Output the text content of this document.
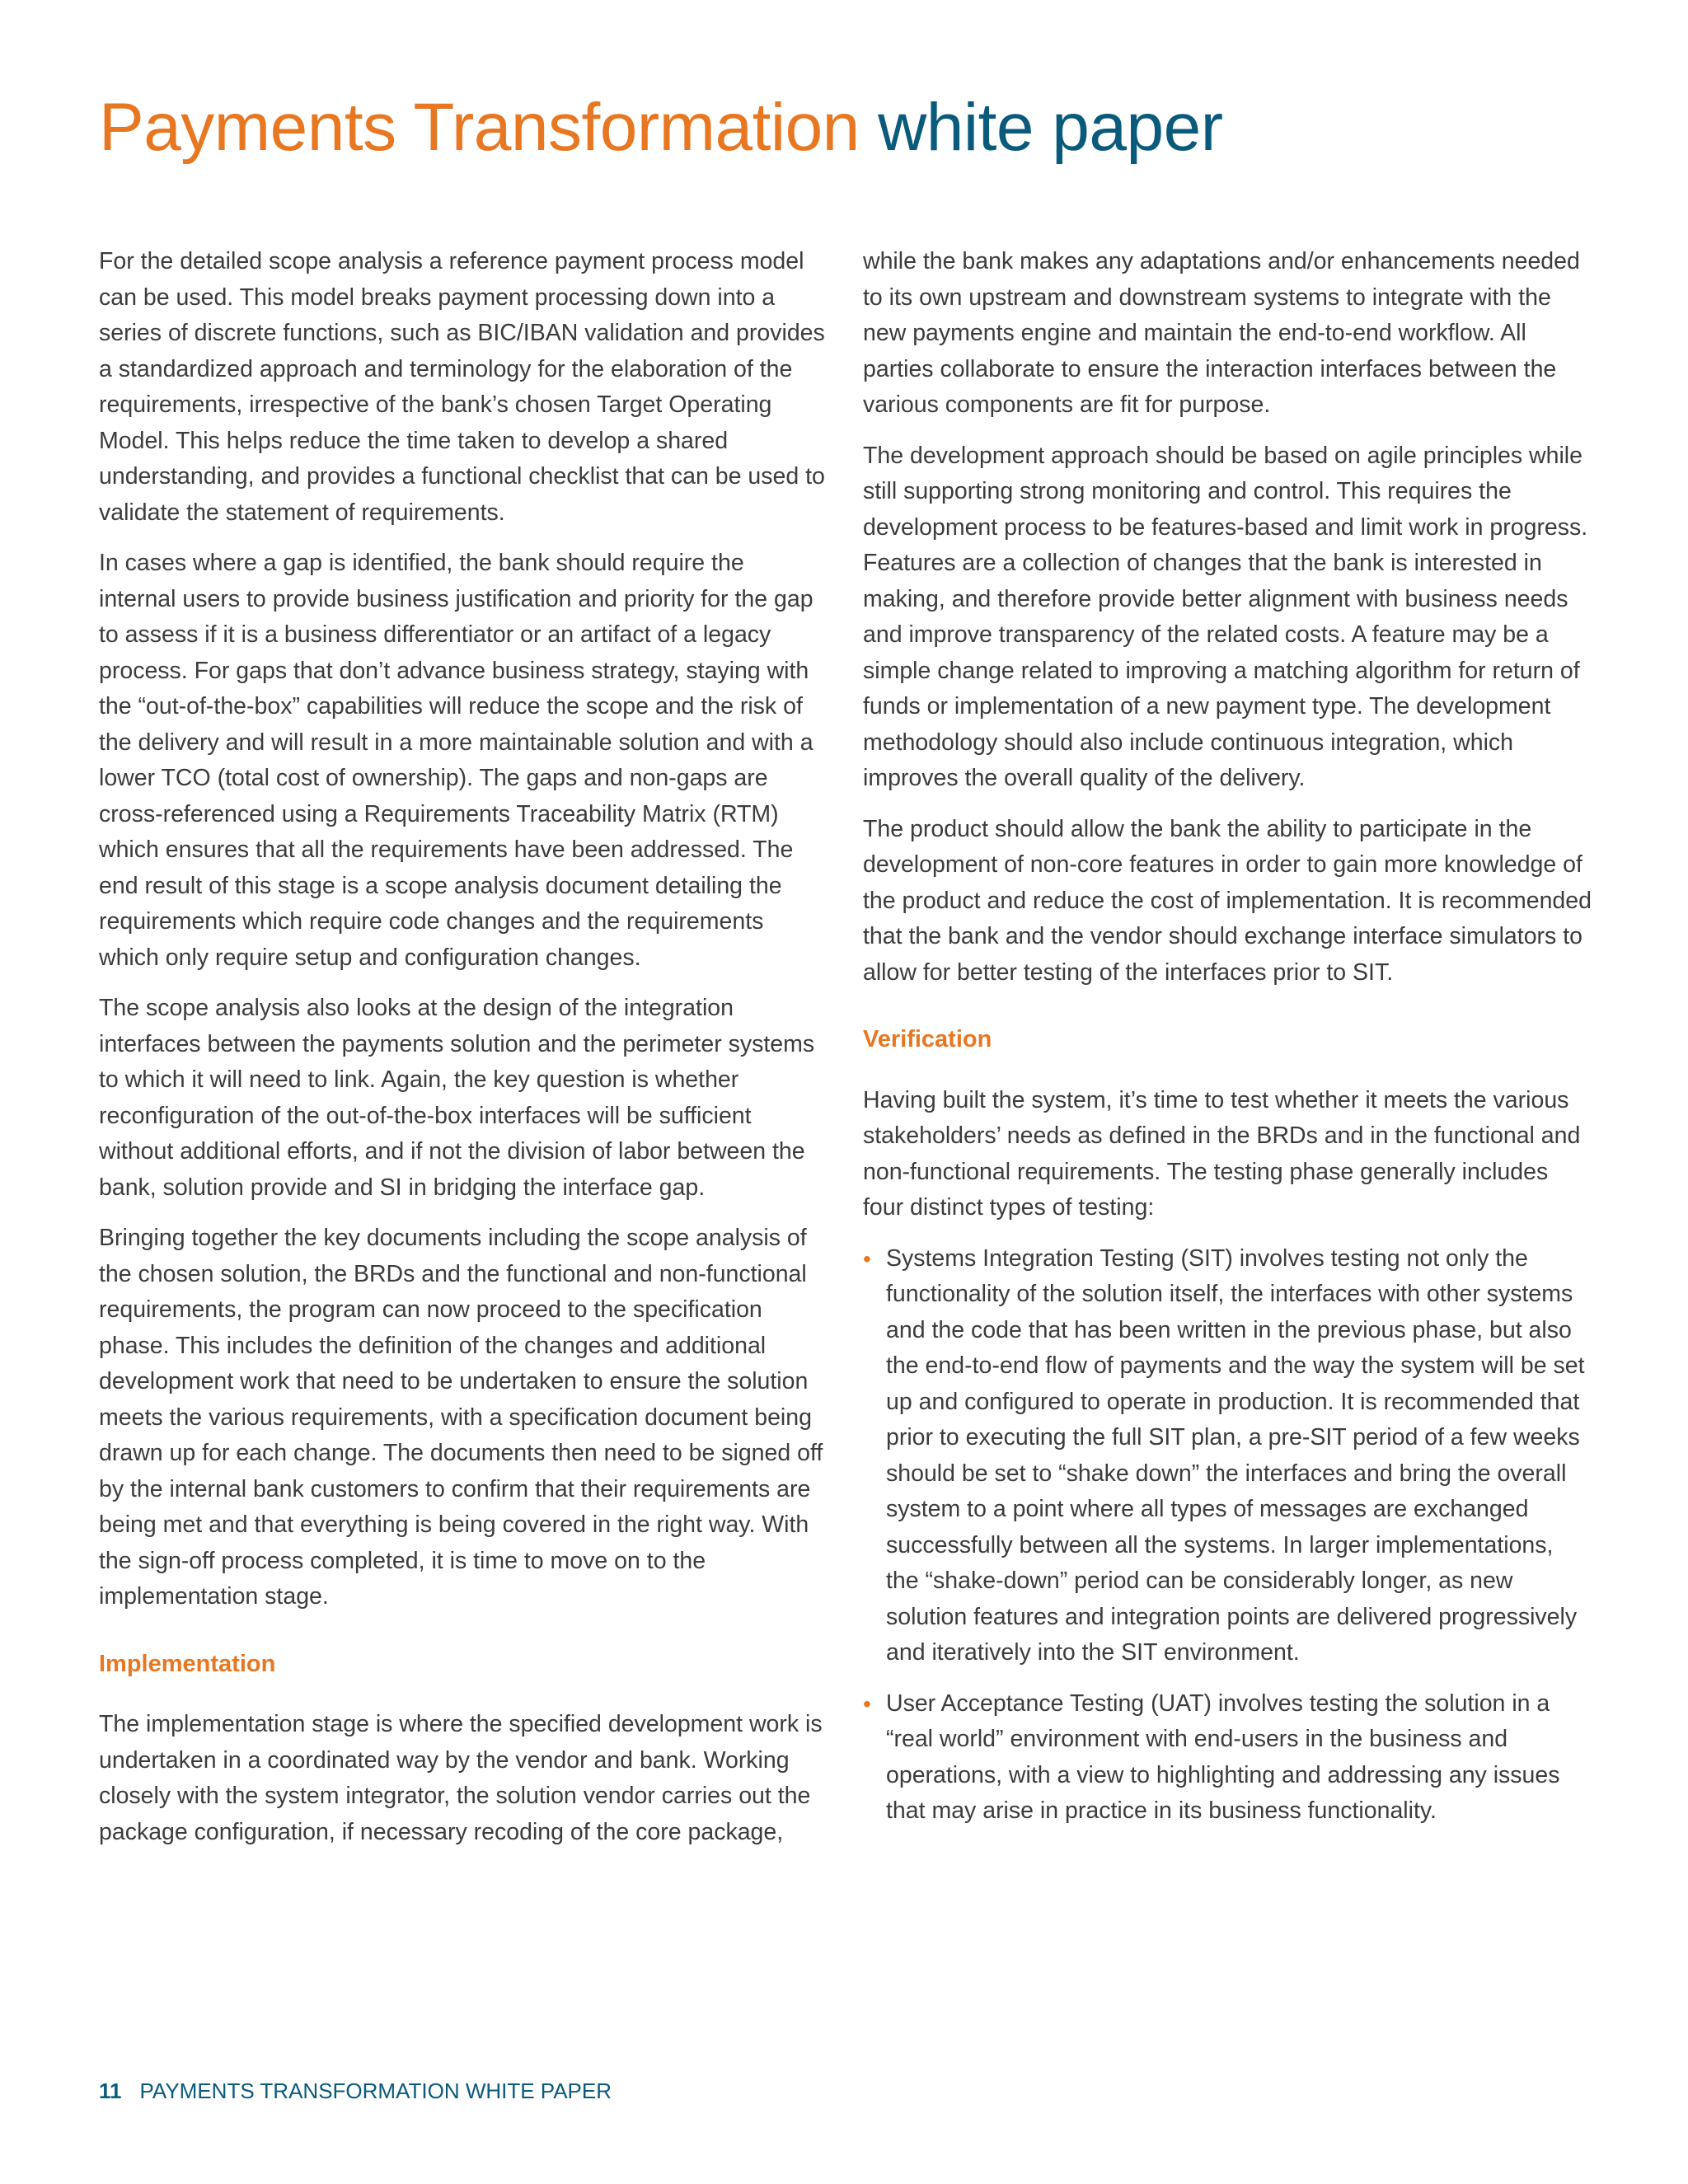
Payments Transformation white paper

For the detailed scope analysis a reference payment process model can be used. This model breaks payment processing down into a series of discrete functions, such as BIC/IBAN validation and provides a standardized approach and terminology for the elaboration of the requirements, irrespective of the bank’s chosen Target Operating Model. This helps reduce the time taken to develop a shared understanding, and provides a functional checklist that can be used to validate the statement of requirements.

In cases where a gap is identified, the bank should require the internal users to provide business justification and priority for the gap to assess if it is a business differentiator or an artifact of a legacy process. For gaps that don’t advance business strategy, staying with the “out-of-the-box” capabilities will reduce the scope and the risk of the delivery and will result in a more maintainable solution and with a lower TCO (total cost of ownership). The gaps and non-gaps are cross-referenced using a Requirements Traceability Matrix (RTM) which ensures that all the requirements have been addressed. The end result of this stage is a scope analysis document detailing the requirements which require code changes and the requirements which only require setup and configuration changes.

The scope analysis also looks at the design of the integration interfaces between the payments solution and the perimeter systems to which it will need to link. Again, the key question is whether reconfiguration of the out-of-the-box interfaces will be sufficient without additional efforts, and if not the division of labor between the bank, solution provide and SI in bridging the interface gap.

Bringing together the key documents including the scope analysis of the chosen solution, the BRDs and the functional and non-functional requirements, the program can now proceed to the specification phase. This includes the definition of the changes and additional development work that need to be undertaken to ensure the solution meets the various requirements, with a specification document being drawn up for each change. The documents then need to be signed off by the internal bank customers to confirm that their requirements are being met and that everything is being covered in the right way. With the sign-off process completed, it is time to move on to the implementation stage.

Implementation

The implementation stage is where the specified development work is undertaken in a coordinated way by the vendor and bank. Working closely with the system integrator, the solution vendor carries out the package configuration, if necessary recoding of the core package,

while the bank makes any adaptations and/or enhancements needed to its own upstream and downstream systems to integrate with the new payments engine and maintain the end-to-end workflow. All parties collaborate to ensure the interaction interfaces between the various components are fit for purpose.

The development approach should be based on agile principles while still supporting strong monitoring and control. This requires the development process to be features-based and limit work in progress. Features are a collection of changes that the bank is interested in making, and therefore provide better alignment with business needs and improve transparency of the related costs. A feature may be a simple change related to improving a matching algorithm for return of funds or implementation of a new payment type. The development methodology should also include continuous integration, which improves the overall quality of the delivery.

The product should allow the bank the ability to participate in the development of non-core features in order to gain more knowledge of the product and reduce the cost of implementation. It is recommended that the bank and the vendor should exchange interface simulators to allow for better testing of the interfaces prior to SIT.

Verification

Having built the system, it’s time to test whether it meets the various stakeholders’ needs as defined in the BRDs and in the functional and non-functional requirements. The testing phase generally includes four distinct types of testing:

• Systems Integration Testing (SIT) involves testing not only the functionality of the solution itself, the interfaces with other systems and the code that has been written in the previous phase, but also the end-to-end flow of payments and the way the system will be set up and configured to operate in production. It is recommended that prior to executing the full SIT plan, a pre-SIT period of a few weeks should be set to “shake down” the interfaces and bring the overall system to a point where all types of messages are exchanged successfully between all the systems. In larger implementations, the “shake-down” period can be considerably longer, as new solution features and integration points are delivered progressively and iteratively into the SIT environment.
• User Acceptance Testing (UAT) involves testing the solution in a “real world” environment with end-users in the business and operations, with a view to highlighting and addressing any issues that may arise in practice in its business functionality.
11 PAYMENTS TRANSFORMATION WHITE PAPER
